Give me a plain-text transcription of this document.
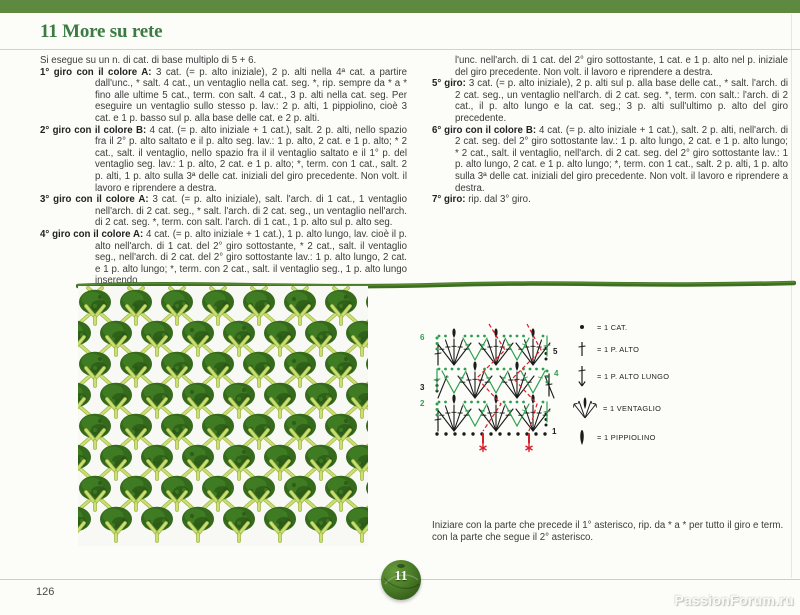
11 More su rete

Si esegue su un n. di cat. di base multiplo di 5 + 6.

1° giro con il colore A: 3 cat. (= p. alto iniziale), 2 p. alti nella 4ª cat. a partire dall'unc., * salt. 4 cat., un ventaglio nella cat. seg. *, rip. sempre da * a * fino alle ultime 5 cat., term. con salt. 4 cat., 3 p. alti nella cat. seg. Per eseguire un ventaglio sullo stesso p. lav.: 2 p. alti, 1 pippiolino, cioè 3 cat. e 1 p. basso sul p. alla base delle cat. e 2 p. alti.

2° giro con il colore B: 4 cat. (= p. alto iniziale + 1 cat.), salt. 2 p. alti, nello spazio fra il 2° p. alto saltato e il p. alto seg. lav.: 1 p. alto, 2 cat. e 1 p. alto; * 2 cat., salt. il ventaglio, nello spazio fra il il ventaglio saltato e il 1° p. del ventaglio seg. lav.: 1 p. alto, 2 cat. e 1 p. alto; *, term. con 1 cat., salt. 2 p. alti, 1 p. alto sulla 3ª delle cat. iniziali del giro precedente. Non volt. il lavoro e riprendere a destra.

3° giro con il colore A: 3 cat. (= p. alto iniziale), salt. l'arch. di 1 cat., 1 ventaglio nell'arch. di 2 cat. seg., * salt. l'arch. di 2 cat. seg., un ventaglio nell'arch. di 2 cat. seg. *, term. con salt. l'arch. di 1 cat., 1 p. alto sul p. alto seg.

4° giro con il colore A: 4 cat. (= p. alto iniziale + 1 cat.), 1 p. alto lungo, lav. cioè il p. alto nell'arch. di 1 cat. del 2° giro sottostante, * 2 cat., salt. il ventaglio seg., nell'arch. di 2 cat. del 2° giro sottostante lav.: 1 p. alto lungo, 2 cat. e 1 p. alto lungo; *, term. con 2 cat., salt. il ventaglio seg., 1 p. alto lungo inserendo

l'unc. nell'arch. di 1 cat. del 2° giro sottostante, 1 cat. e 1 p. alto nel p. iniziale del giro precedente. Non volt. il lavoro e riprendere a destra.

5° giro: 3 cat. (= p. alto iniziale), 2 p. alti sul p. alla base delle cat., * salt. l'arch. di 2 cat. seg., un ventaglio nell'arch. di 2 cat. seg. *, term. con salt.: l'arch. di 2 cat., il p. alto lungo e la cat. seg.; 3 p. alti sull'ultimo p. alto del giro precedente.

6° giro con il colore B: 4 cat. (= p. alto iniziale + 1 cat.), salt. 2 p. alti, nell'arch. di 2 cat. seg. del 2° giro sottostante lav.: 1 p. alto lungo, 2 cat. e 1 p. alto lungo; * 2 cat., salt. il ventaglio, nell'arch. di 2 cat. seg. del 2° giro sottostante lav.: 1 p. alto lungo, 2 cat. e 1 p. alto lungo; *, term. con 1 cat., salt. 2 p. alti, 1 p. alto sulla 3ª delle cat. iniziali del giro precedente. Non volt. il lavoro e riprendere a destra.

7° giro: rip. dal 3° giro.

1
2
3
4
5
6
= 1 CAT.
= 1 P. ALTO
= 1 P. ALTO LUNGO
= 1 VENTAGLIO
= 1 PIPPIOLINO

Iniziare con la parte che precede il 1° asterisco, rip. da * a * per tutto il giro e term. con la parte che segue il 2° asterisco.

11
126	PassionForum.ru
